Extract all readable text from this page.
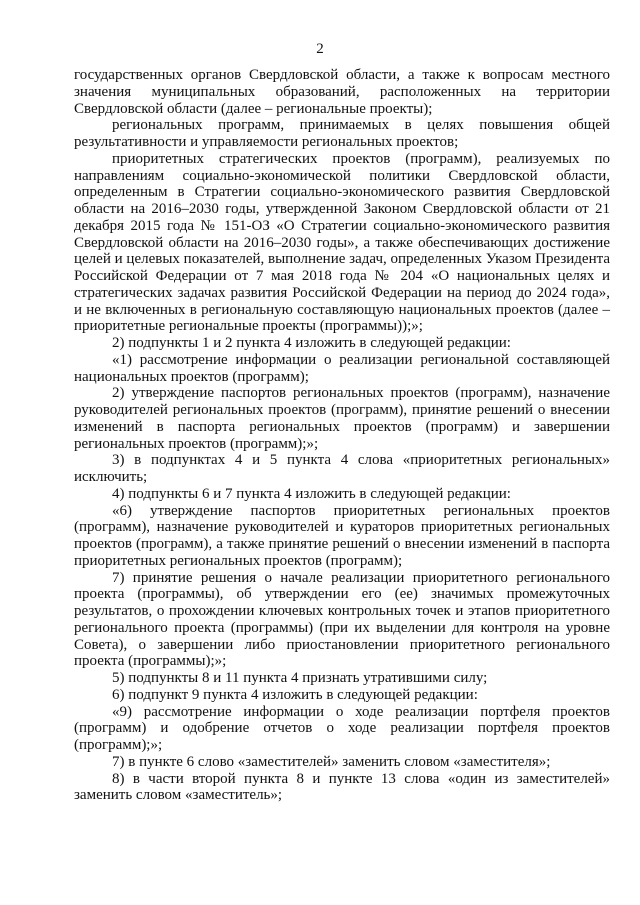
2

государственных органов Свердловской области, а также к вопросам местного значения муниципальных образований, расположенных на территории Свердловской области (далее – региональные проекты);

региональных программ, принимаемых в целях повышения общей результативности и управляемости региональных проектов;

приоритетных стратегических проектов (программ), реализуемых по направлениям социально-экономической политики Свердловской области, определенным в Стратегии социально-экономического развития Свердловской области на 2016–2030 годы, утвержденной Законом Свердловской области от 21 декабря 2015 года № 151-ОЗ «О Стратегии социально-экономического развития Свердловской области на 2016–2030 годы», а также обеспечивающих достижение целей и целевых показателей, выполнение задач, определенных Указом Президента Российской Федерации от 7 мая 2018 года № 204 «О национальных целях и стратегических задачах развития Российской Федерации на период до 2024 года», и не включенных в региональную составляющую национальных проектов (далее – приоритетные региональные проекты (программы));»;

2) подпункты 1 и 2 пункта 4 изложить в следующей редакции:

«1) рассмотрение информации о реализации региональной составляющей национальных проектов (программ);

2) утверждение паспортов региональных проектов (программ), назначение руководителей региональных проектов (программ), принятие решений о внесении изменений в паспорта региональных проектов (программ) и завершении региональных проектов (программ);»;

3) в подпунктах 4 и 5 пункта 4 слова «приоритетных региональных» исключить;

4) подпункты 6 и 7 пункта 4 изложить в следующей редакции:

«6) утверждение паспортов приоритетных региональных проектов (программ), назначение руководителей и кураторов приоритетных региональных проектов (программ), а также принятие решений о внесении изменений в паспорта приоритетных региональных проектов (программ);

7) принятие решения о начале реализации приоритетного регионального проекта (программы), об утверждении его (ее) значимых промежуточных результатов, о прохождении ключевых контрольных точек и этапов приоритетного регионального проекта (программы) (при их выделении для контроля на уровне Совета), о завершении либо приостановлении приоритетного регионального проекта (программы);»;

5) подпункты 8 и 11 пункта 4 признать утратившими силу;

6) подпункт 9 пункта 4 изложить в следующей редакции:

«9) рассмотрение информации о ходе реализации портфеля проектов (программ) и одобрение отчетов о ходе реализации портфеля проектов (программ);»;

7) в пункте 6 слово «заместителей» заменить словом «заместителя»;

8) в части второй пункта 8 и пункте 13 слова «один из заместителей» заменить словом «заместитель»;
